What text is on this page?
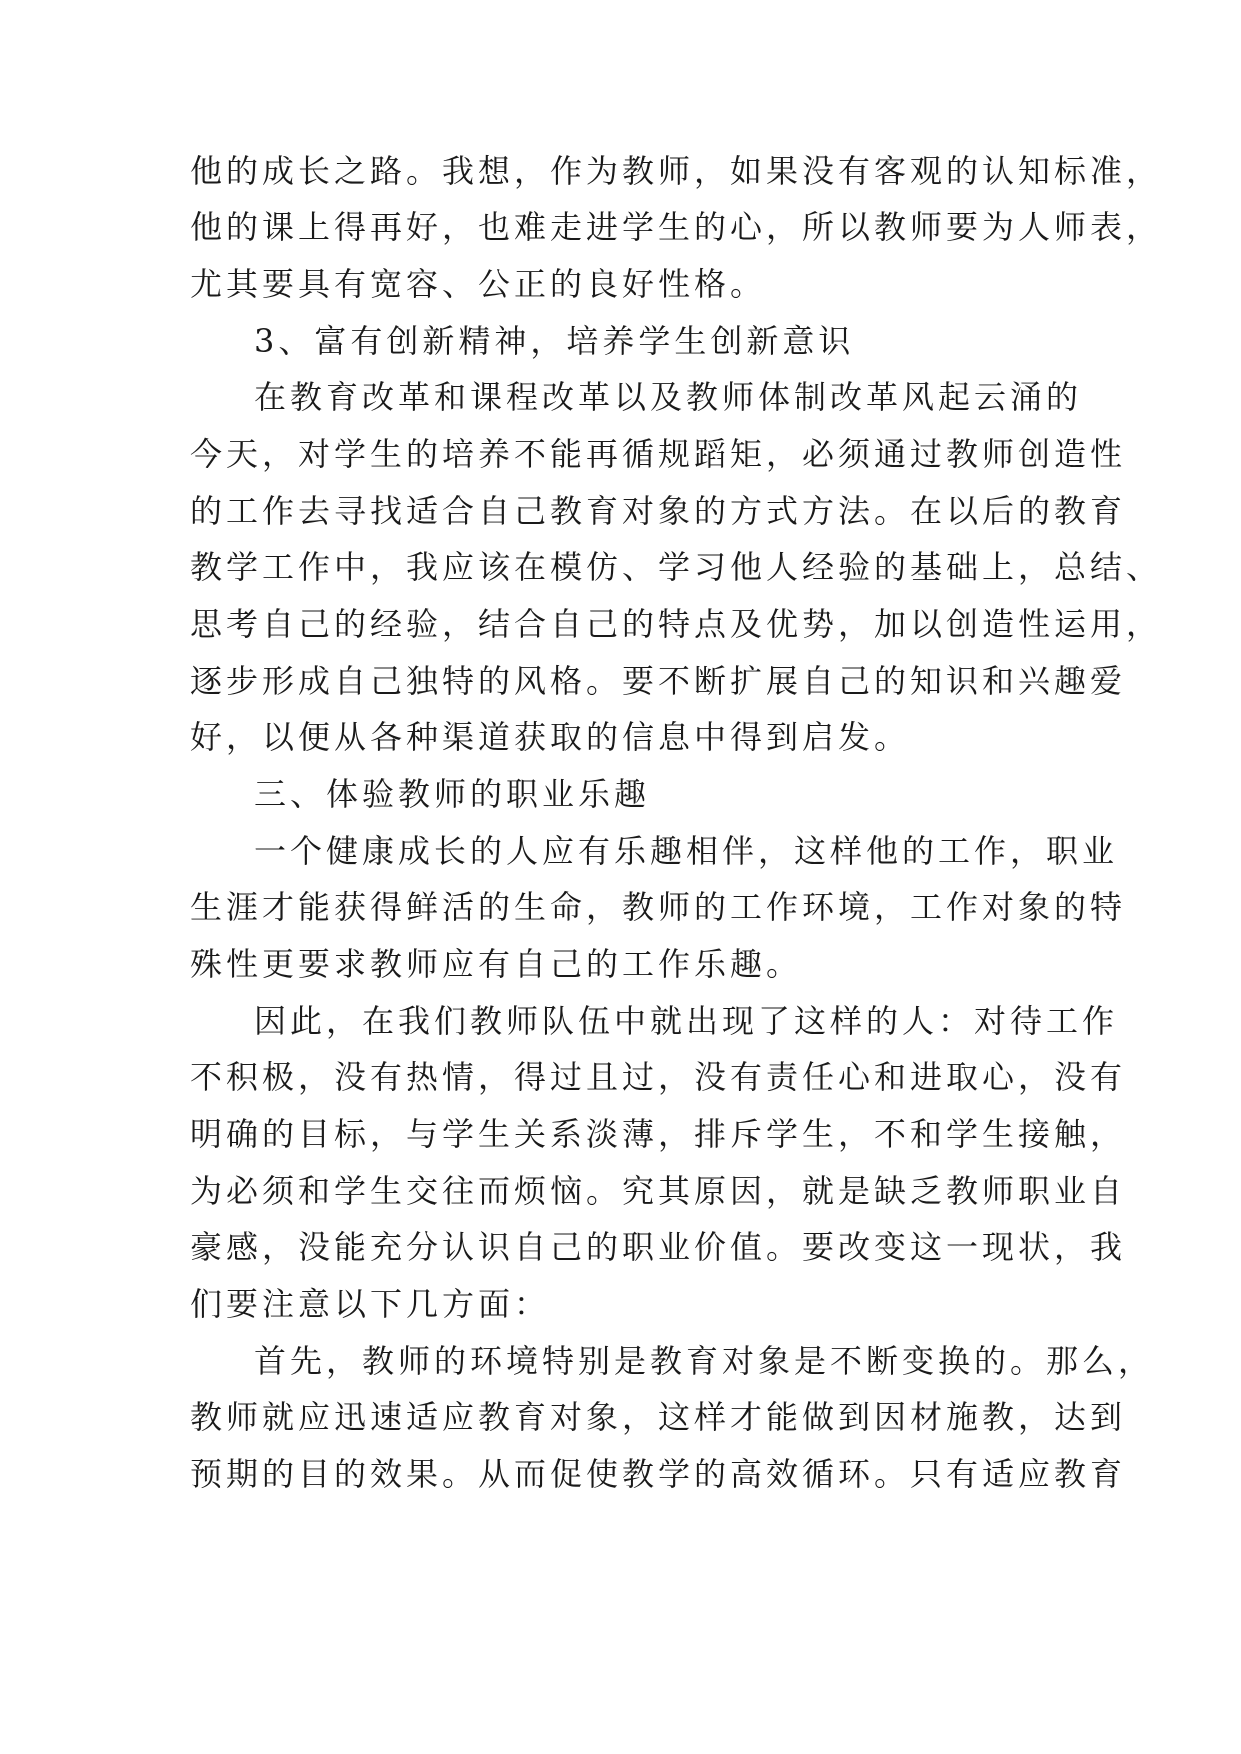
他的成长之路。我想，作为教师，如果没有客观的认知标准，
他的课上得再好，也难走进学生的心，所以教师要为人师表，
尤其要具有宽容、公正的良好性格。
3、富有创新精神，培养学生创新意识
在教育改革和课程改革以及教师体制改革风起云涌的
今天，对学生的培养不能再循规蹈矩，必须通过教师创造性
的工作去寻找适合自己教育对象的方式方法。在以后的教育
教学工作中，我应该在模仿、学习他人经验的基础上，总结、
思考自己的经验，结合自己的特点及优势，加以创造性运用，
逐步形成自己独特的风格。要不断扩展自己的知识和兴趣爱
好，以便从各种渠道获取的信息中得到启发。
三、体验教师的职业乐趣
一个健康成长的人应有乐趣相伴，这样他的工作，职业
生涯才能获得鲜活的生命，教师的工作环境，工作对象的特
殊性更要求教师应有自己的工作乐趣。
因此，在我们教师队伍中就出现了这样的人：对待工作
不积极，没有热情，得过且过，没有责任心和进取心，没有
明确的目标，与学生关系淡薄，排斥学生，不和学生接触，
为必须和学生交往而烦恼。究其原因，就是缺乏教师职业自
豪感，没能充分认识自己的职业价值。要改变这一现状，我
们要注意以下几方面：
首先，教师的环境特别是教育对象是不断变换的。那么，
教师就应迅速适应教育对象，这样才能做到因材施教，达到
预期的目的效果。从而促使教学的高效循环。只有适应教育
